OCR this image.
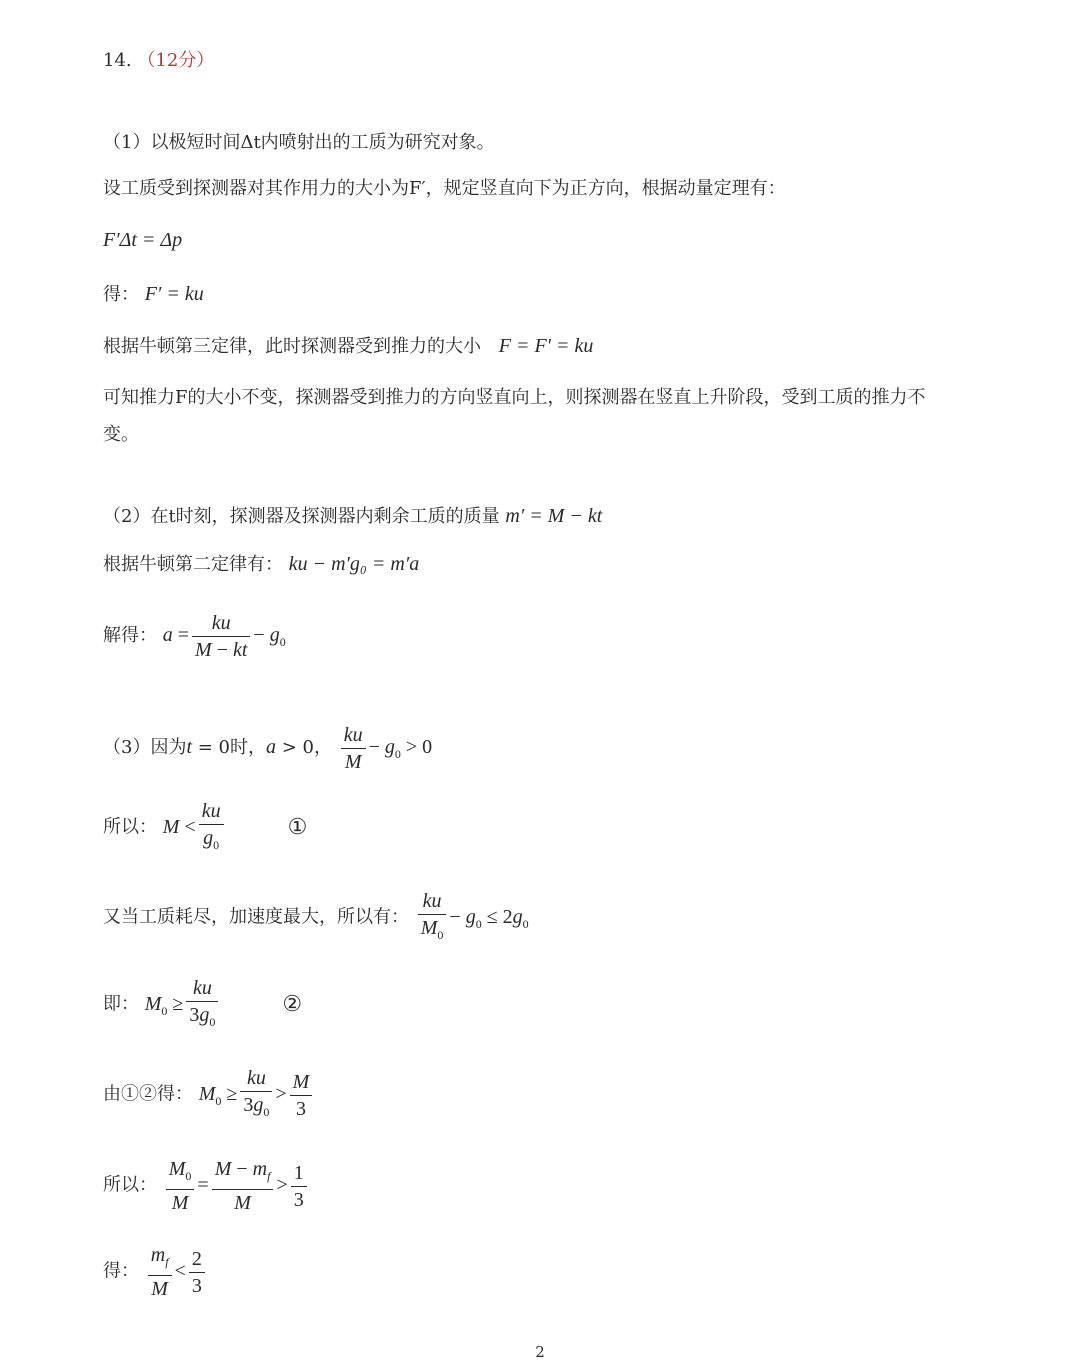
14. （12分）
（1）以极短时间Δt内喷射出的工质为研究对象。
设工质受到探测器对其作用力的大小为F′，规定竖直向下为正方向，根据动量定理有：
F′Δt = Δp
得： F′ = ku
根据牛顿第三定律，此时探测器受到推力的大小 F = F′ = ku
可知推力F的大小不变，探测器受到推力的方向竖直向上，则探测器在竖直上升阶段，受到工质的推力不
变。
（2）在t时刻，探测器及探测器内剩余工质的质量 m′ = M − kt
根据牛顿第二定律有： ku − m′g₀ = m′a
解得： $a = \frac{ku}{M - kt} - g_0$
（3）因为t = 0时，a > 0， $\frac{ku}{M} - g_0 > 0$
所以： $M < \frac{ku}{g_0}$	①
又当工质耗尽，加速度最大，所以有： $\frac{ku}{M_0} - g_0 \le 2g_0$
即： $M_0 \ge \frac{ku}{3g_0}$	②
由①②得： $M_0 \ge \frac{ku}{3g_0} > \frac{M}{3}$
所以： $\frac{M_0}{M} = \frac{M - m_f}{M} > \frac{1}{3}$
得： $\frac{m_f}{M} < \frac{2}{3}$
2
